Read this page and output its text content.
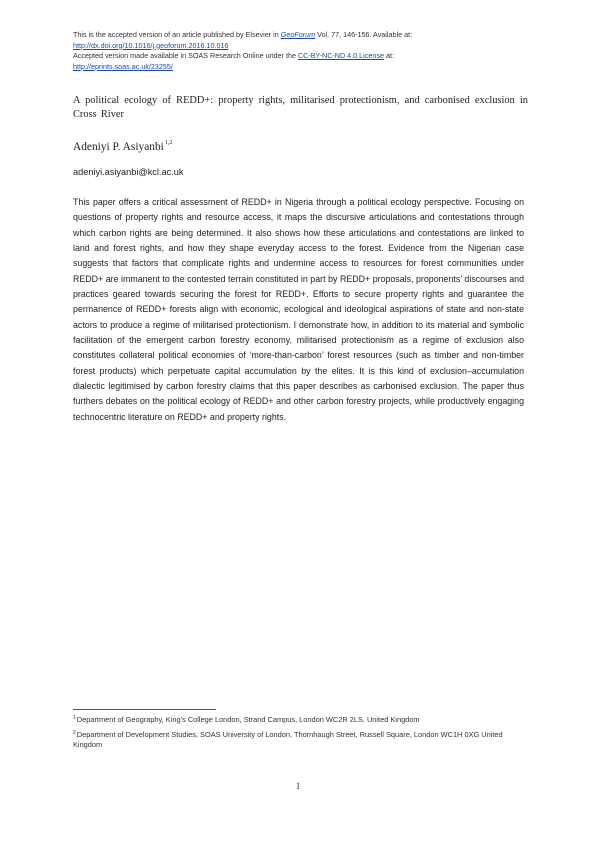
This is the accepted version of an article published by Elsevier in GeoForum Vol. 77, 146-156. Available at:
http://dx.doi.org/10.1016/j.geoforum.2016.10.016
Accepted version made available in SOAS Research Online under the CC-BY-NC-ND 4.0 License at:
http://eprints.soas.ac.uk/23255/
A political ecology of REDD+: property rights, militarised protectionism, and carbonised exclusion in Cross River
Adeniyi P. Asiyanbi$^{1,2}$
adeniyi.asiyanbi@kcl.ac.uk
This paper offers a critical assessment of REDD+ in Nigeria through a political ecology perspective. Focusing on questions of property rights and resource access, it maps the discursive articulations and contestations through which carbon rights are being determined. It also shows how these articulations and contestations are linked to land and forest rights, and how they shape everyday access to the forest. Evidence from the Nigerian case suggests that factors that complicate rights and undermine access to resources for forest communities under REDD+ are immanent to the contested terrain constituted in part by REDD+ proposals, proponents’ discourses and practices geared towards securing the forest for REDD+. Efforts to secure property rights and guarantee the permanence of REDD+ forests align with economic, ecological and ideological aspirations of state and non-state actors to produce a regime of militarised protectionism. I demonstrate how, in addition to its material and symbolic facilitation of the emergent carbon forestry economy, militarised protectionism as a regime of exclusion also constitutes collateral political economies of ‘more-than-carbon’ forest resources (such as timber and non-timber forest products) which perpetuate capital accumulation by the elites. It is this kind of exclusion–accumulation dialectic legitimised by carbon forestry claims that this paper describes as carbonised exclusion. The paper thus furthers debates on the political ecology of REDD+ and other carbon forestry projects, while productively engaging technocentric literature on REDD+ and property rights.

$^1$Department of Geography, King’s College London, Strand Campus, London WC2R 2LS, United Kingdom

$^2$Department of Development Studies, SOAS University of London, Thornhaugh Street, Russell Square, London WC1H 0XG United Kingdom

1
